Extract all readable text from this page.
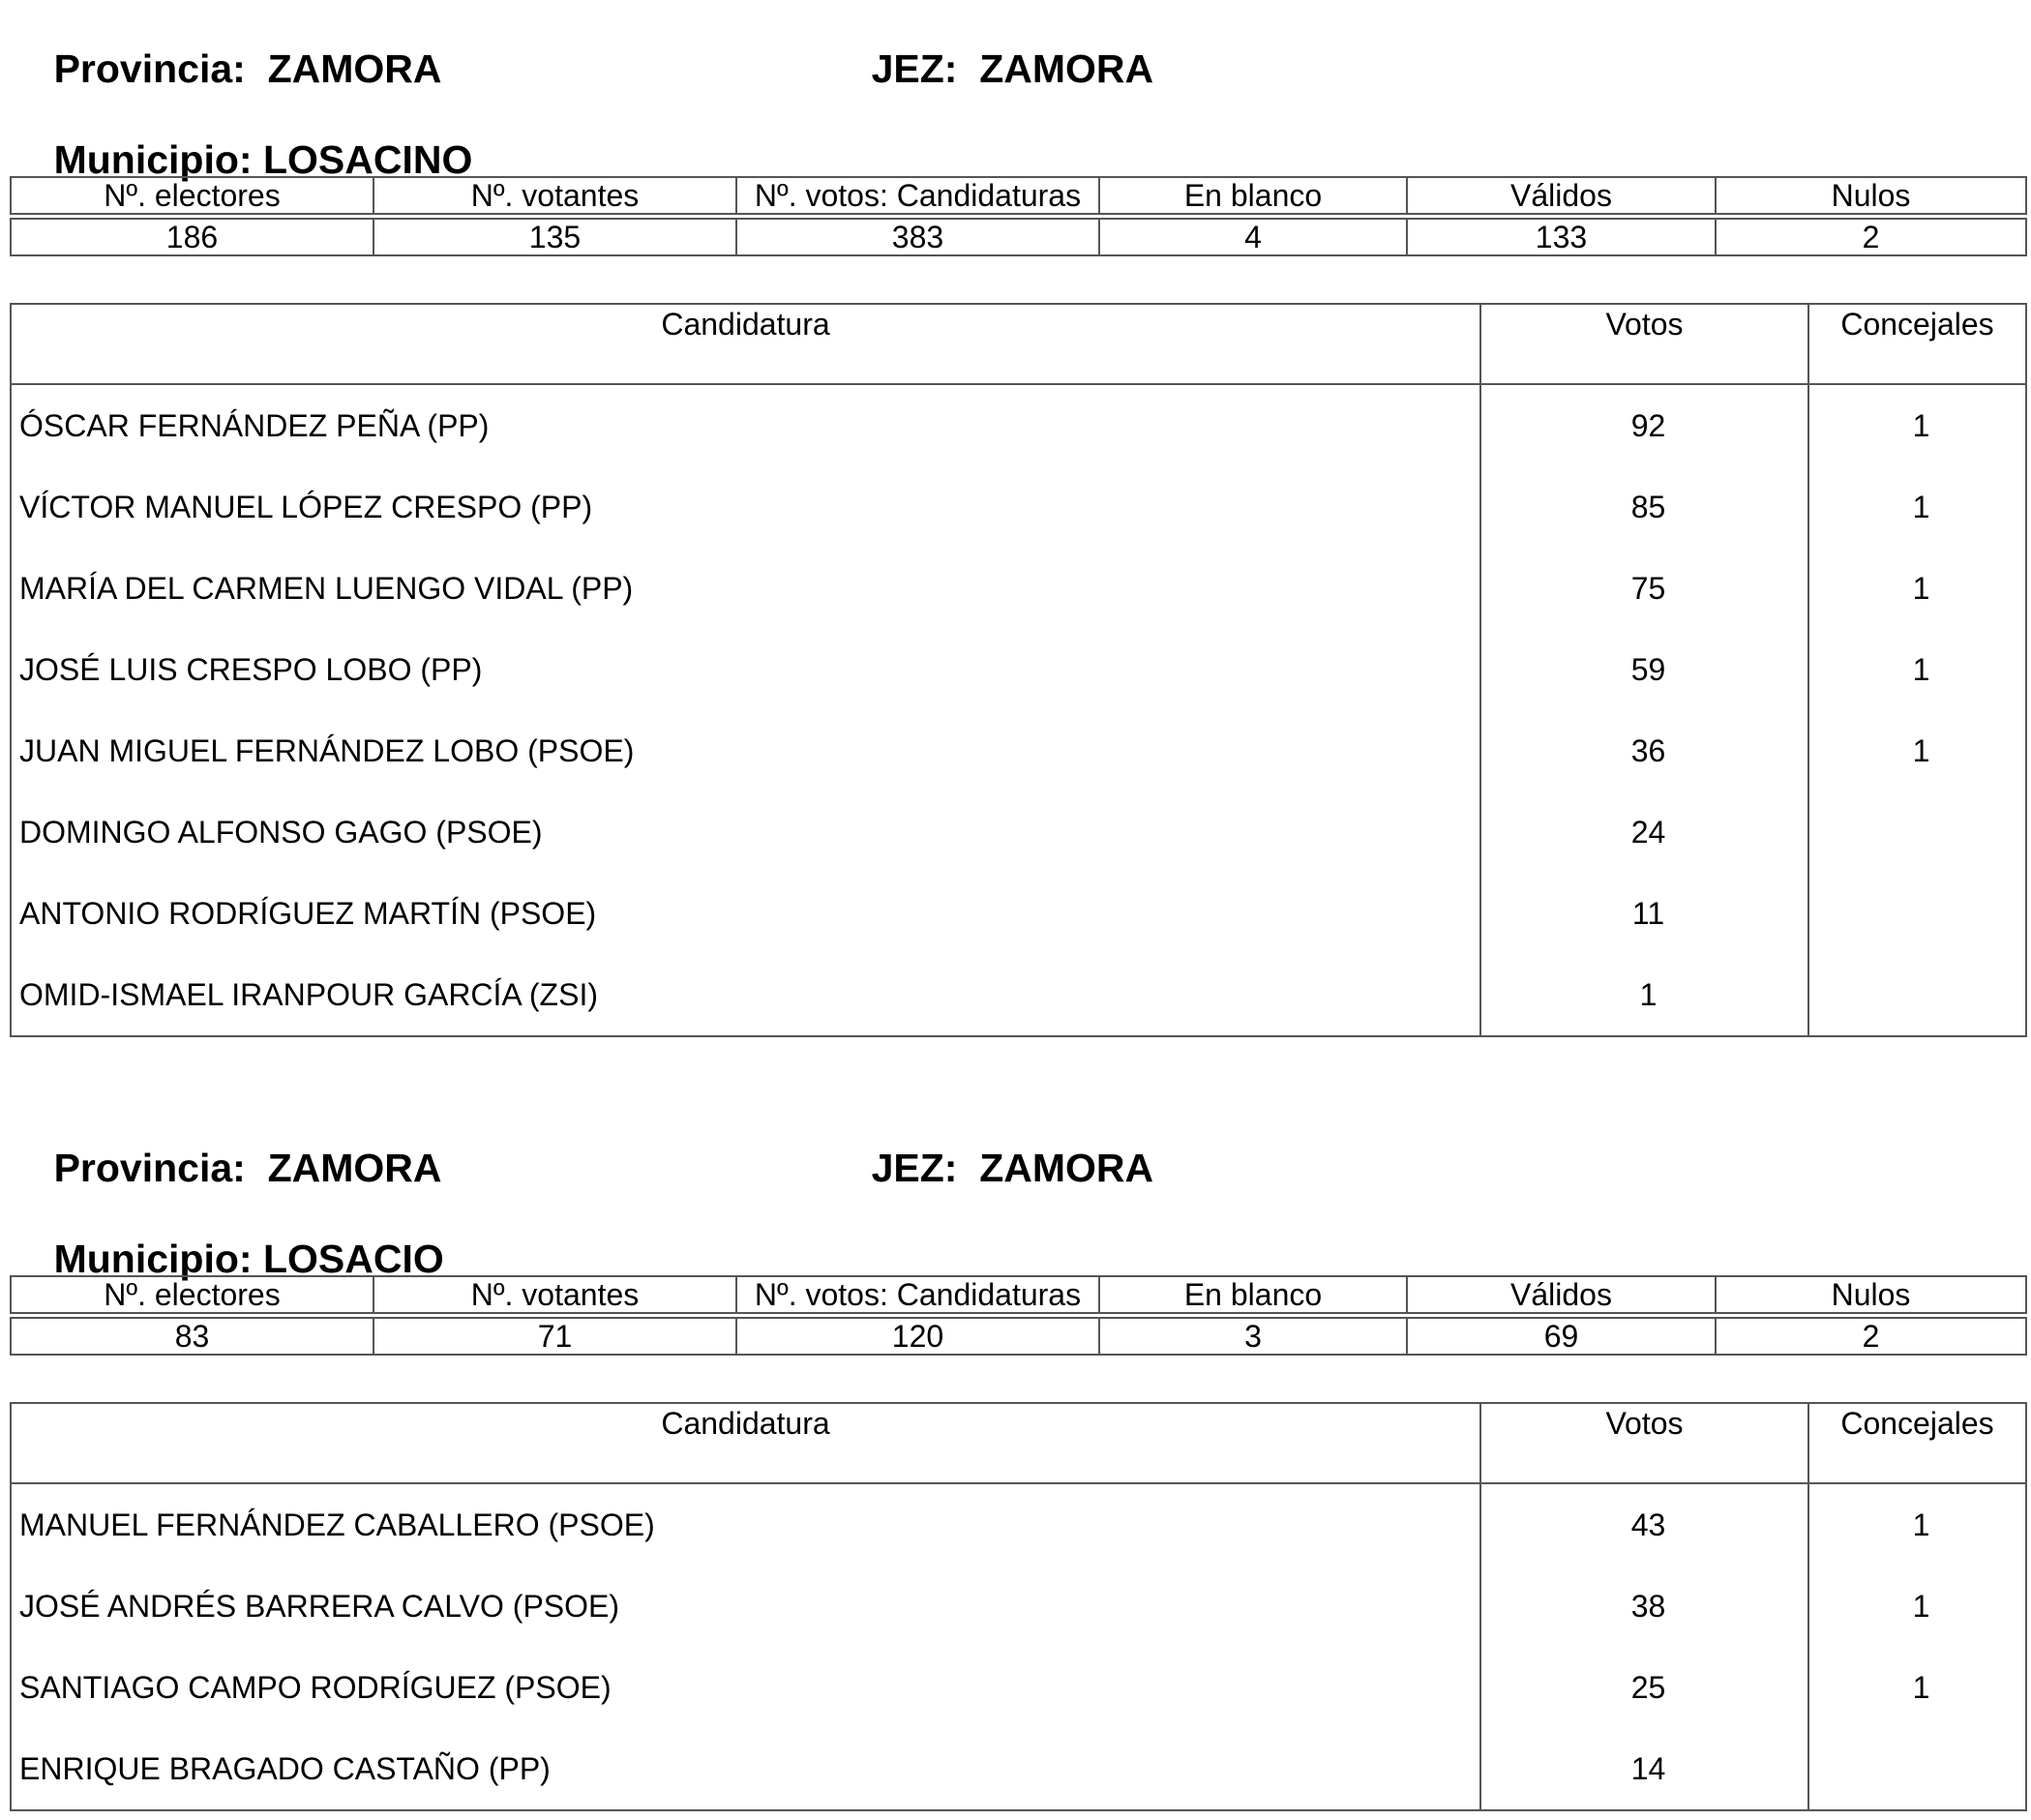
Provincia: ZAMORA
	JEZ: ZAMORA

Municipio: LOSACINO

Nº. electores	Nº. votantes	Nº. votos: Candidaturas	En blanco	Válidos	Nulos

186	135	383	4	133	2
Candidatura	Votos	Concejales
ÓSCAR FERNÁNDEZ PEÑA (PP)	92	1
VÍCTOR MANUEL LÓPEZ CRESPO (PP)	85	1
MARÍA DEL CARMEN LUENGO VIDAL (PP)	75	1
JOSÉ LUIS CRESPO LOBO (PP)	59	1
JUAN MIGUEL FERNÁNDEZ LOBO (PSOE)	36	1
DOMINGO ALFONSO GAGO (PSOE)	24	
ANTONIO RODRÍGUEZ MARTÍN (PSOE)	11	
OMID-ISMAEL IRANPOUR GARCÍA (ZSI)	1	

Provincia: ZAMORA
	JEZ: ZAMORA

Municipio: LOSACIO

Nº. electores	Nº. votantes	Nº. votos: Candidaturas	En blanco	Válidos	Nulos

83	71	120	3	69	2
Candidatura	Votos	Concejales
MANUEL FERNÁNDEZ CABALLERO (PSOE)	43	1
JOSÉ ANDRÉS BARRERA CALVO (PSOE)	38	1
SANTIAGO CAMPO RODRÍGUEZ (PSOE)	25	1
ENRIQUE BRAGADO CASTAÑO (PP)	14	
